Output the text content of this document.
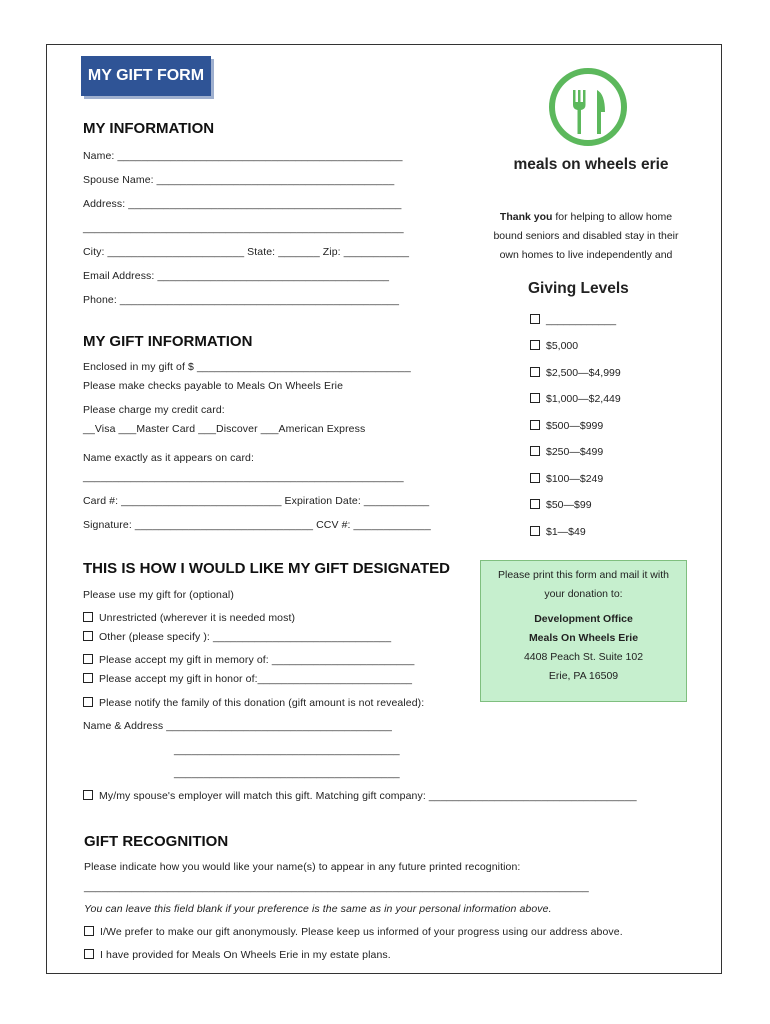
MY GIFT FORM
meals on wheels erie
Thank you for helping to allow home
bound seniors and disabled stay in their
own homes to live independently and
MY INFORMATION
Name: ________________________________________________
Spouse Name: ________________________________________
Address: ______________________________________________
______________________________________________________
City: _______________________ State: _______ Zip: ___________
Email Address: _______________________________________
Phone: _______________________________________________
MY GIFT INFORMATION
Enclosed in my gift of $ ____________________________________
Please make checks payable to Meals On Wheels Erie
Please charge my credit card:
__Visa ___Master Card ___Discover ___American Express
Name exactly as it appears on card:
______________________________________________________
Card #: ___________________________ Expiration Date: ___________
Signature: ______________________________ CCV #: _____________
Giving Levels
____________
$5,000
$2,500—$4,999
$1,000—$2,449
$500—$999
$250—$499
$100—$249
$50—$99
$1—$49
Please print this form and mail it with
your donation to:
Development Office
Meals On Wheels Erie
4408 Peach St. Suite 102
Erie, PA 16509
THIS IS HOW I WOULD LIKE MY GIFT DESIGNATED
Please use my gift for (optional)
Unrestricted (wherever it is needed most)
Other (please specify ): ______________________________
Please accept my gift in memory of: ________________________
Please accept my gift in honor of:__________________________
Please notify the family of this donation (gift amount is not revealed):
Name & Address ______________________________________
______________________________________
______________________________________
My/my spouse's employer will match this gift. Matching gift company: ___________________________________
GIFT RECOGNITION
Please indicate how you would like your name(s) to appear in any future printed recognition:
_____________________________________________________________________________________
You can leave this field blank if your preference is the same as in your personal information above.
I/We prefer to make our gift anonymously. Please keep us informed of your progress using our address above.
I have provided for Meals On Wheels Erie in my estate plans.
